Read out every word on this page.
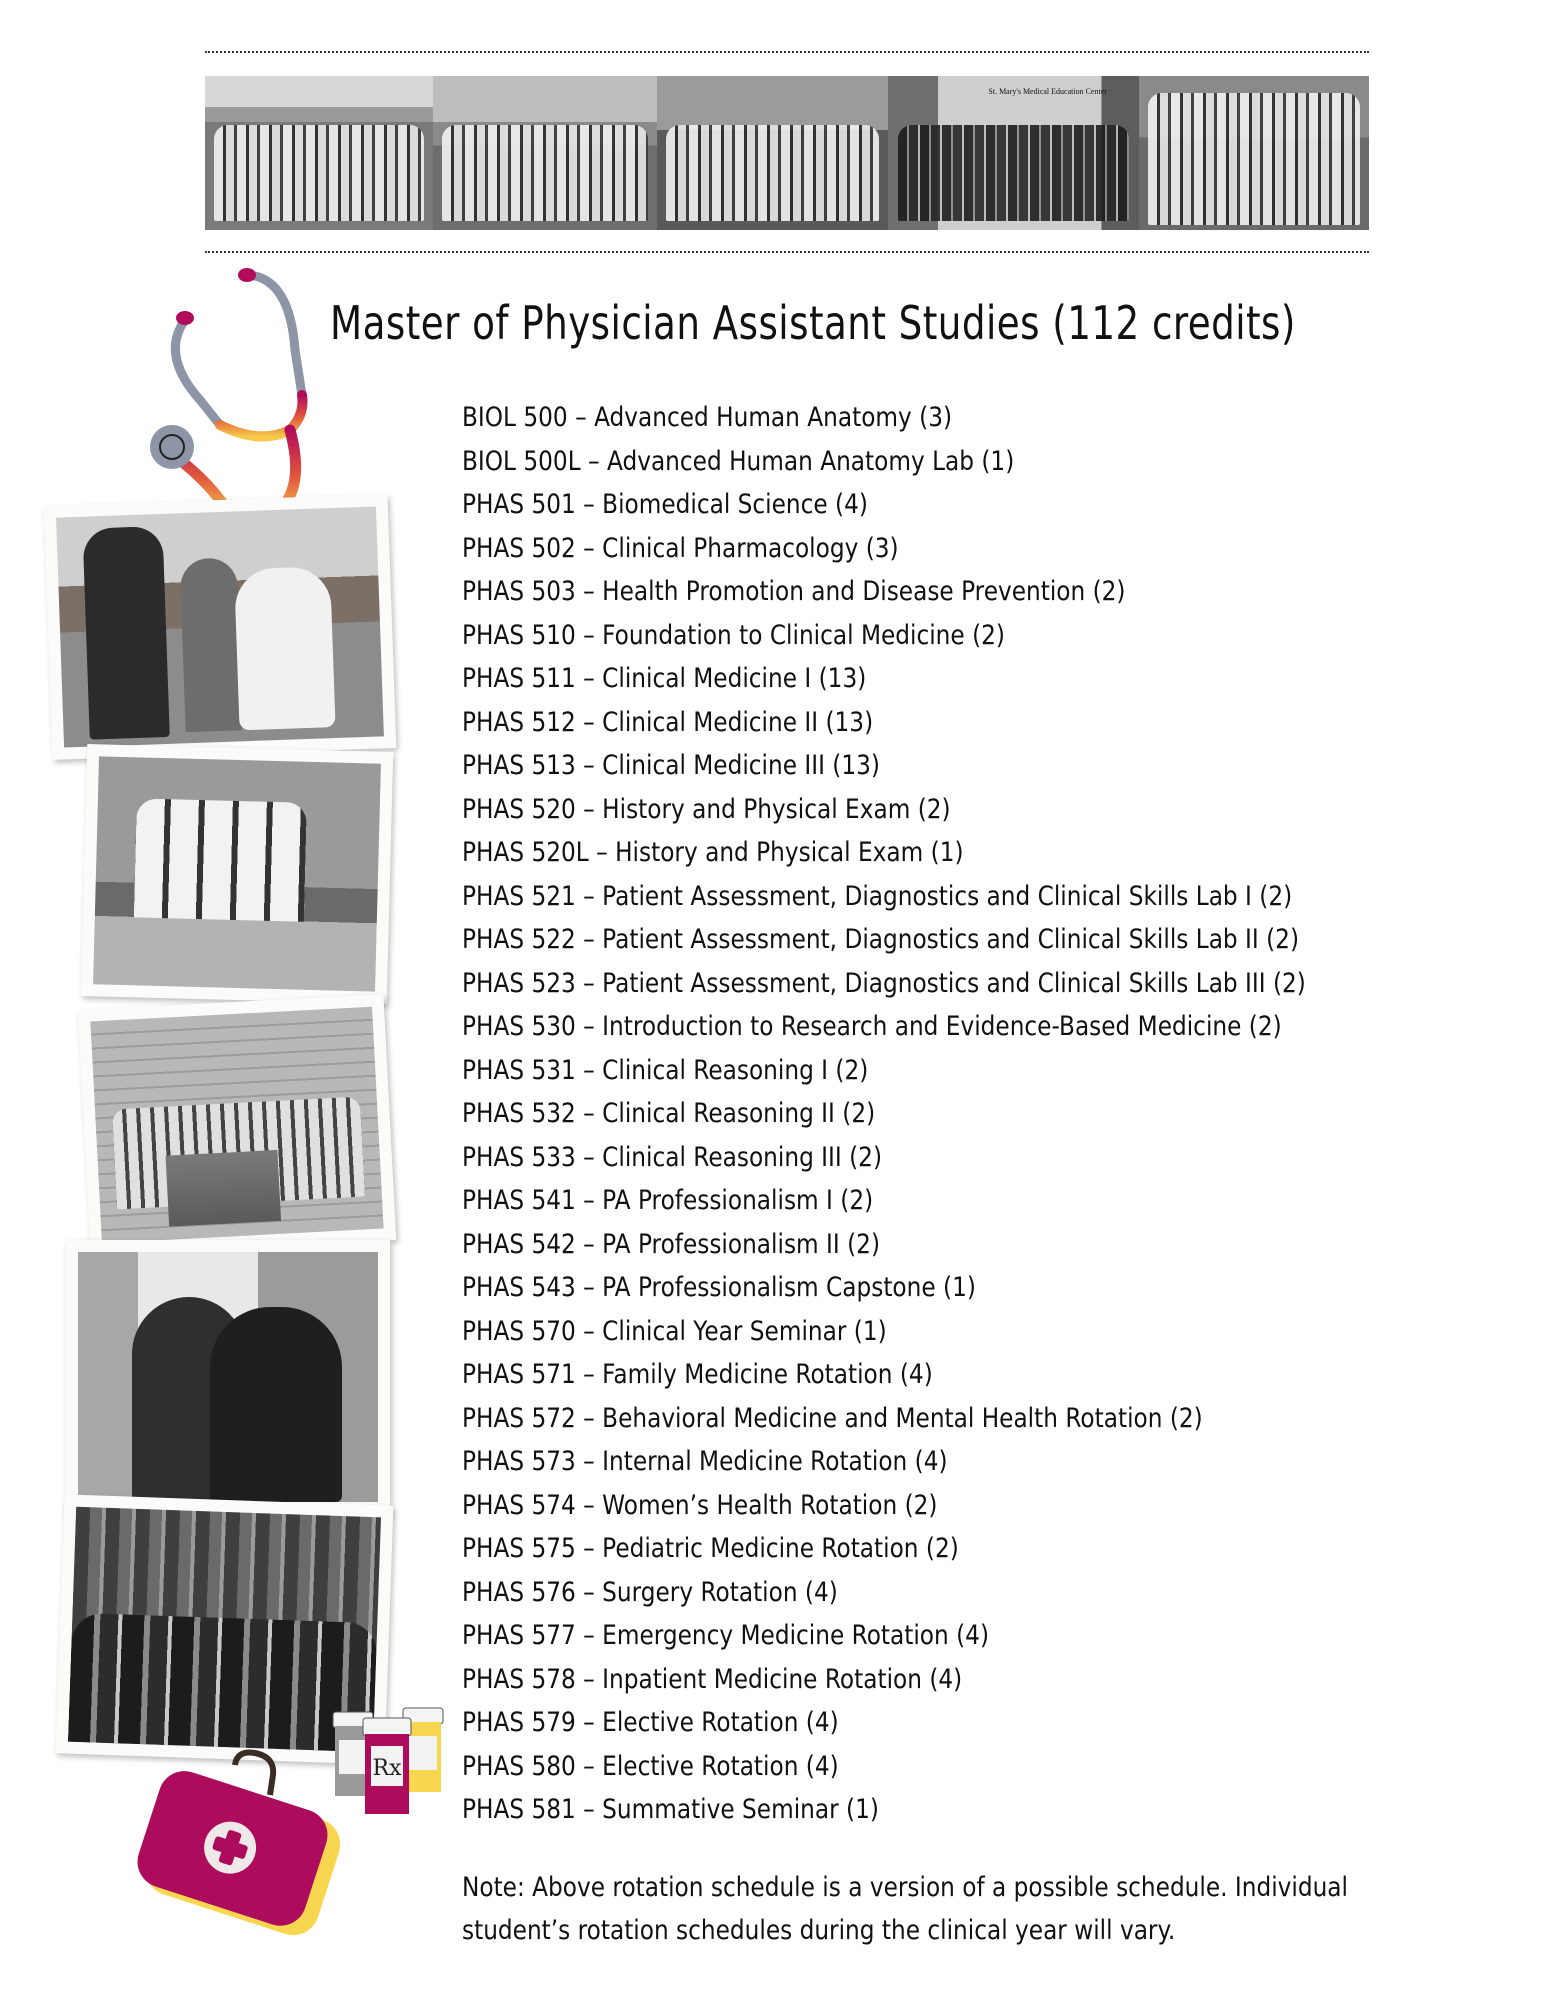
St. Mary's Medical Education Center
Master of Physician Assistant Studies (112 credits)
BIOL 500 – Advanced Human Anatomy (3)
BIOL 500L – Advanced Human Anatomy Lab (1)
PHAS 501 – Biomedical Science (4)
PHAS 502 – Clinical Pharmacology (3)
PHAS 503 – Health Promotion and Disease Prevention (2)
PHAS 510 – Foundation to Clinical Medicine (2)
PHAS 511 – Clinical Medicine I (13)
PHAS 512 – Clinical Medicine II (13)
PHAS 513 – Clinical Medicine III (13)
PHAS 520 – History and Physical Exam (2)
PHAS 520L – History and Physical Exam (1)
PHAS 521 – Patient Assessment, Diagnostics and Clinical Skills Lab I (2)
PHAS 522 – Patient Assessment, Diagnostics and Clinical Skills Lab II (2)
PHAS 523 – Patient Assessment, Diagnostics and Clinical Skills Lab III (2)
PHAS 530 – Introduction to Research and Evidence-Based Medicine (2)
PHAS 531 – Clinical Reasoning I (2)
PHAS 532 – Clinical Reasoning II (2)
PHAS 533 – Clinical Reasoning III (2)
PHAS 541 – PA Professionalism I (2)
PHAS 542 – PA Professionalism II (2)
PHAS 543 – PA Professionalism Capstone (1)
PHAS 570 – Clinical Year Seminar (1)
PHAS 571 – Family Medicine Rotation (4)
PHAS 572 – Behavioral Medicine and Mental Health Rotation (2)
PHAS 573 – Internal Medicine Rotation (4)
PHAS 574 – Women’s Health Rotation (2)
PHAS 575 – Pediatric Medicine Rotation (2)
PHAS 576 – Surgery Rotation (4)
PHAS 577 – Emergency Medicine Rotation (4)
PHAS 578 – Inpatient Medicine Rotation (4)
PHAS 579 – Elective Rotation (4)
PHAS 580 – Elective Rotation (4)
PHAS 581 – Summative Seminar (1)
Note: Above rotation schedule is a version of a possible schedule. Individual student’s rotation schedules during the clinical year will vary.
Rx
